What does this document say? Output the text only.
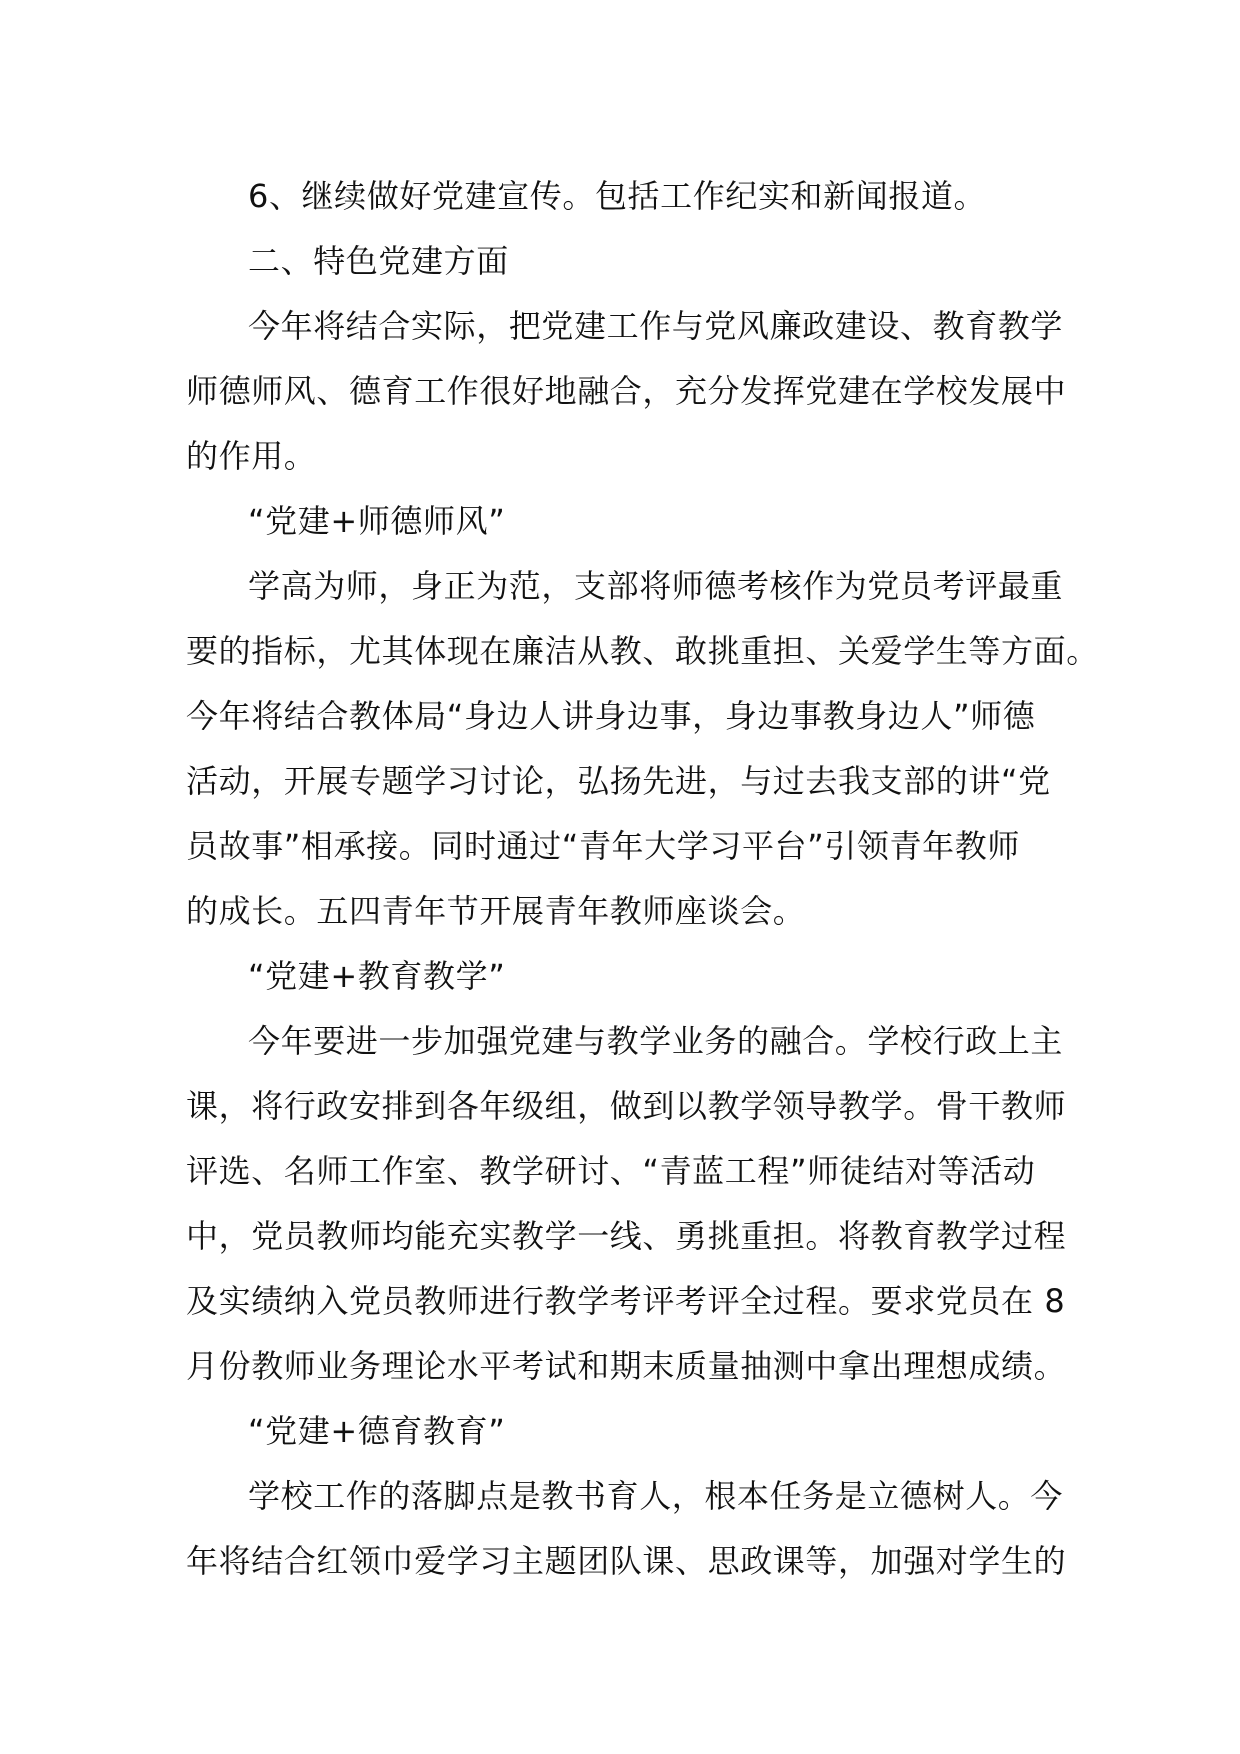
6、继续做好党建宣传。包括工作纪实和新闻报道。
二、特色党建方面
今年将结合实际，把党建工作与党风廉政建设、教育教学
师德师风、德育工作很好地融合，充分发挥党建在学校发展中
的作用。
“党建+师德师风”
学高为师，身正为范，支部将师德考核作为党员考评最重
要的指标，尤其体现在廉洁从教、敢挑重担、关爱学生等方面。
今年将结合教体局“身边人讲身边事，身边事教身边人”师德
活动，开展专题学习讨论，弘扬先进，与过去我支部的讲“党
员故事”相承接。同时通过“青年大学习平台”引领青年教师
的成长。五四青年节开展青年教师座谈会。
“党建+教育教学”
今年要进一步加强党建与教学业务的融合。学校行政上主
课，将行政安排到各年级组，做到以教学领导教学。骨干教师
评选、名师工作室、教学研讨、“青蓝工程”师徒结对等活动
中，党员教师均能充实教学一线、勇挑重担。将教育教学过程
及实绩纳入党员教师进行教学考评考评全过程。要求党员在 8
月份教师业务理论水平考试和期末质量抽测中拿出理想成绩。
“党建+德育教育”
学校工作的落脚点是教书育人，根本任务是立德树人。今
年将结合红领巾爱学习主题团队课、思政课等，加强对学生的
